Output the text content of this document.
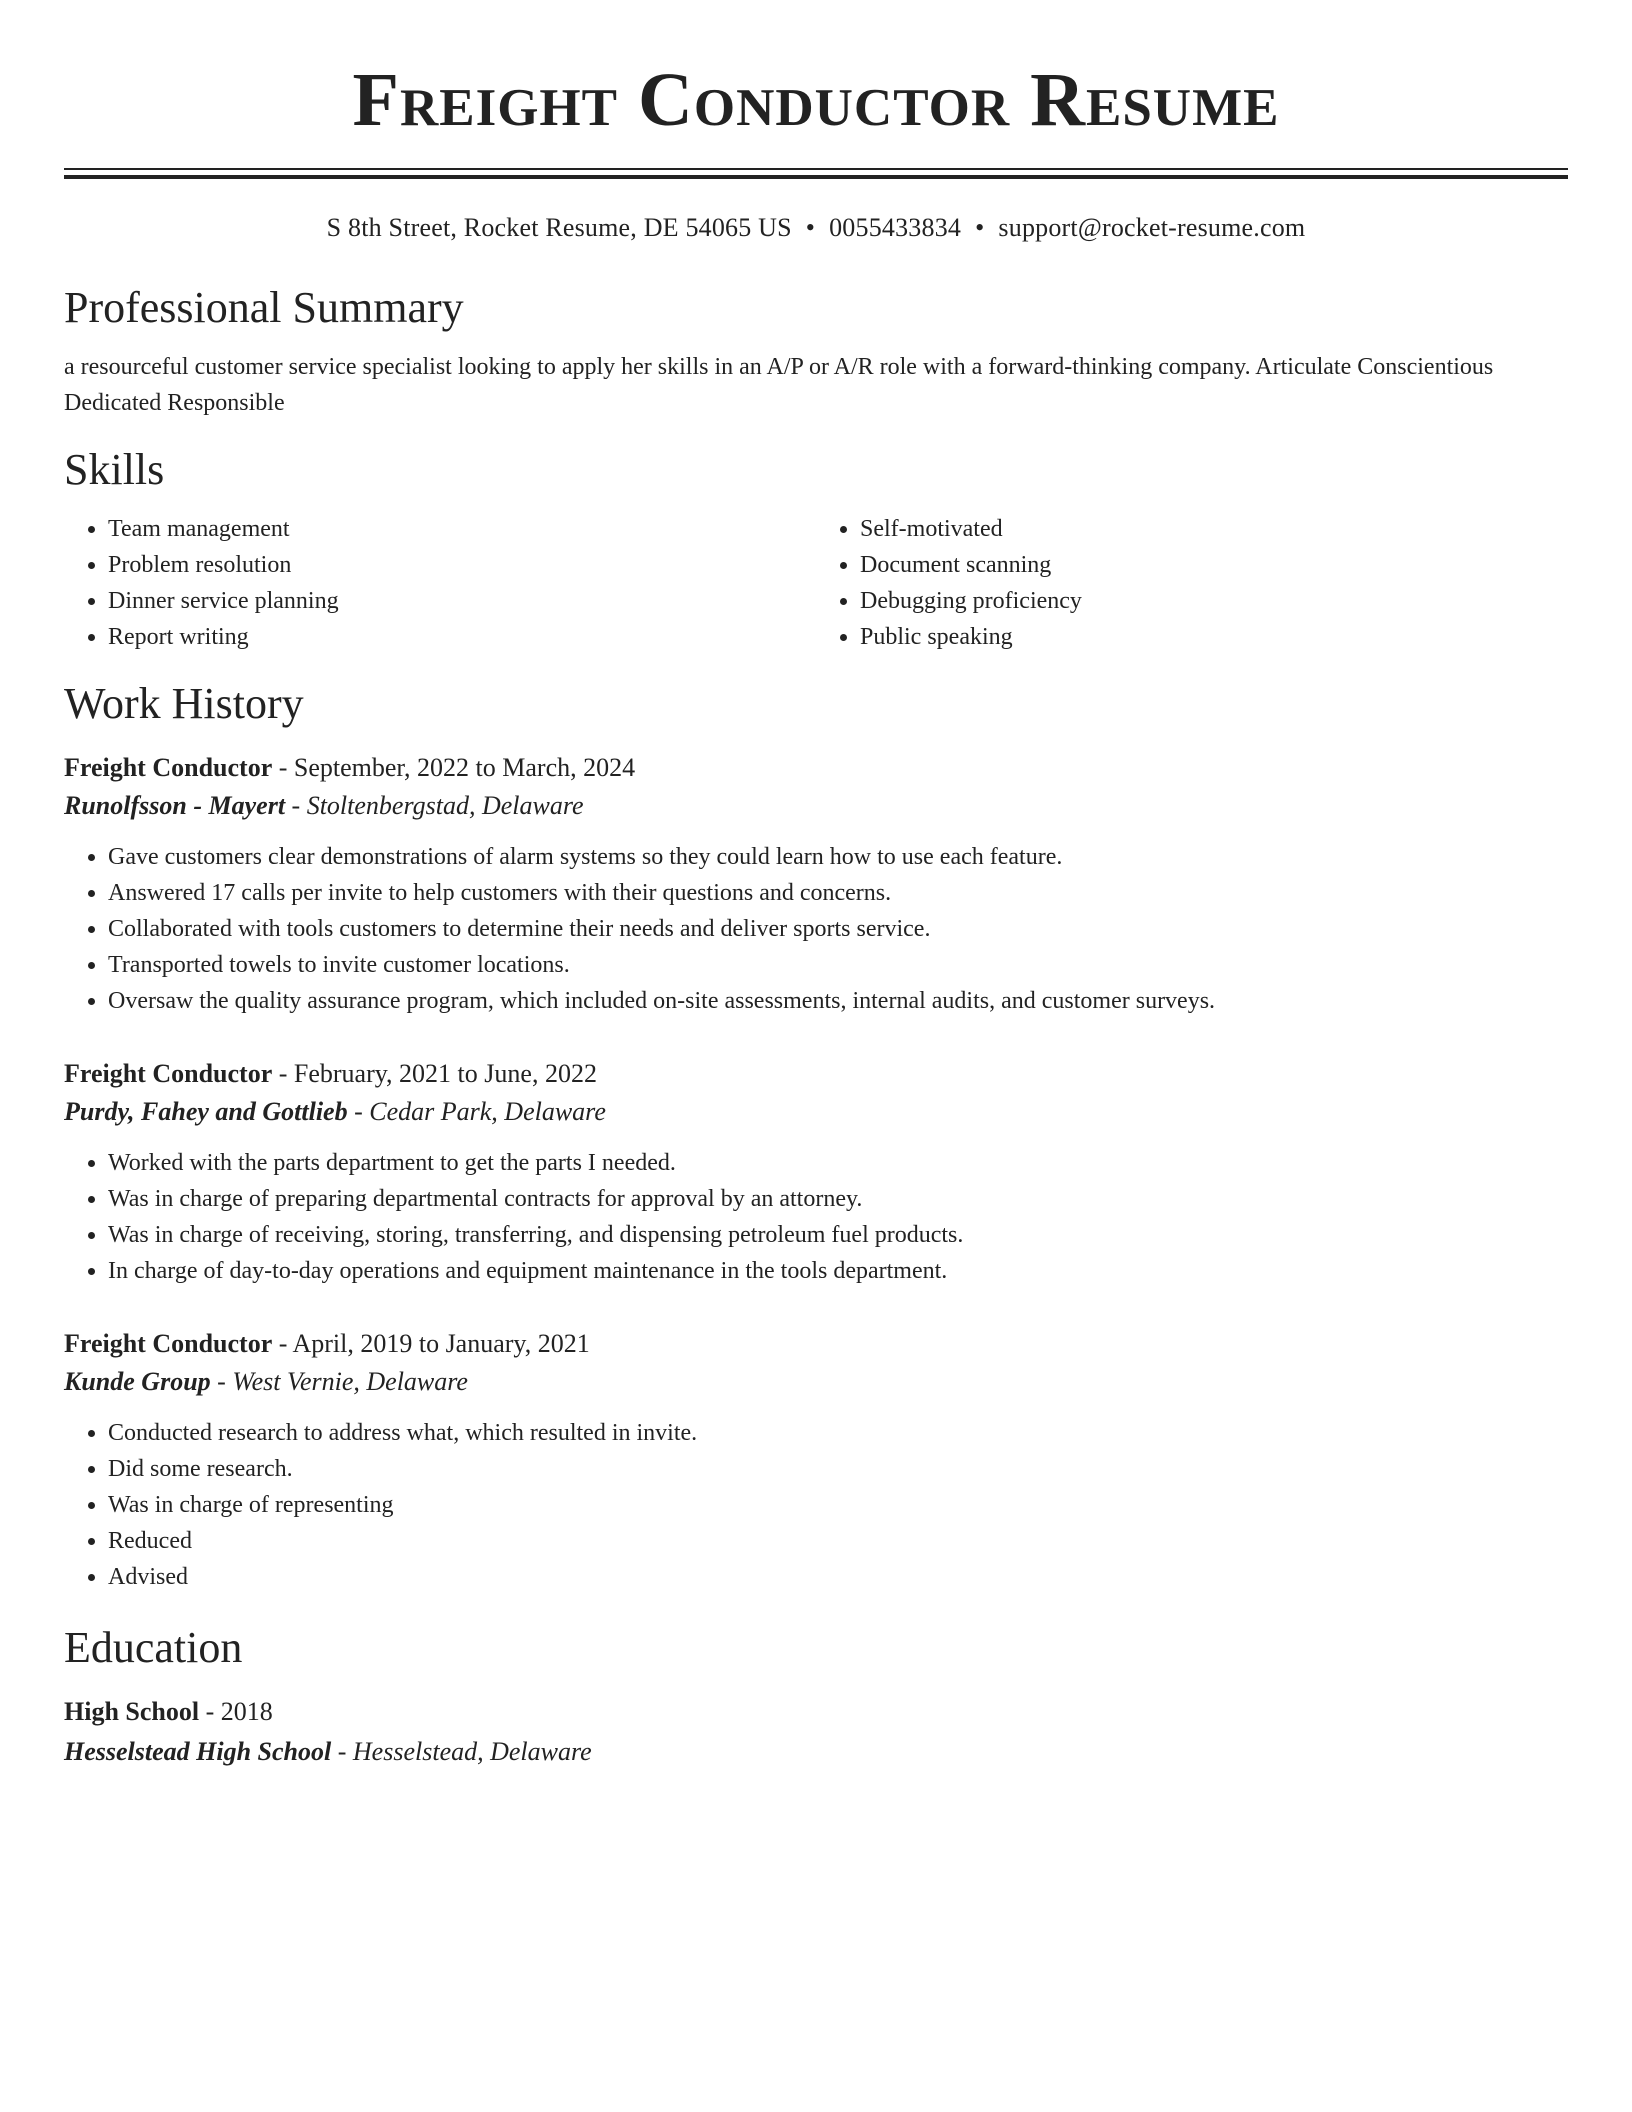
Freight Conductor Resume
S 8th Street, Rocket Resume, DE 54065 US • 0055433834 • support@rocket-resume.com
Professional Summary

a resourceful customer service specialist looking to apply her skills in an A/P or A/R role with a forward-thinking company. Articulate Conscientious Dedicated Responsible

Skills
• Team management
• Problem resolution
• Dinner service planning
• Report writing
• Self-motivated
• Document scanning
• Debugging proficiency
• Public speaking
Work History
Freight Conductor - September, 2022 to March, 2024
Runolfsson - Mayert - Stoltenbergstad, Delaware
• Gave customers clear demonstrations of alarm systems so they could learn how to use each feature.
• Answered 17 calls per invite to help customers with their questions and concerns.
• Collaborated with tools customers to determine their needs and deliver sports service.
• Transported towels to invite customer locations.
• Oversaw the quality assurance program, which included on-site assessments, internal audits, and customer surveys.
Freight Conductor - February, 2021 to June, 2022
Purdy, Fahey and Gottlieb - Cedar Park, Delaware
• Worked with the parts department to get the parts I needed.
• Was in charge of preparing departmental contracts for approval by an attorney.
• Was in charge of receiving, storing, transferring, and dispensing petroleum fuel products.
• In charge of day-to-day operations and equipment maintenance in the tools department.
Freight Conductor - April, 2019 to January, 2021
Kunde Group - West Vernie, Delaware
• Conducted research to address what, which resulted in invite.
• Did some research.
• Was in charge of representing
• Reduced
• Advised
Education
High School - 2018
Hesselstead High School - Hesselstead, Delaware
